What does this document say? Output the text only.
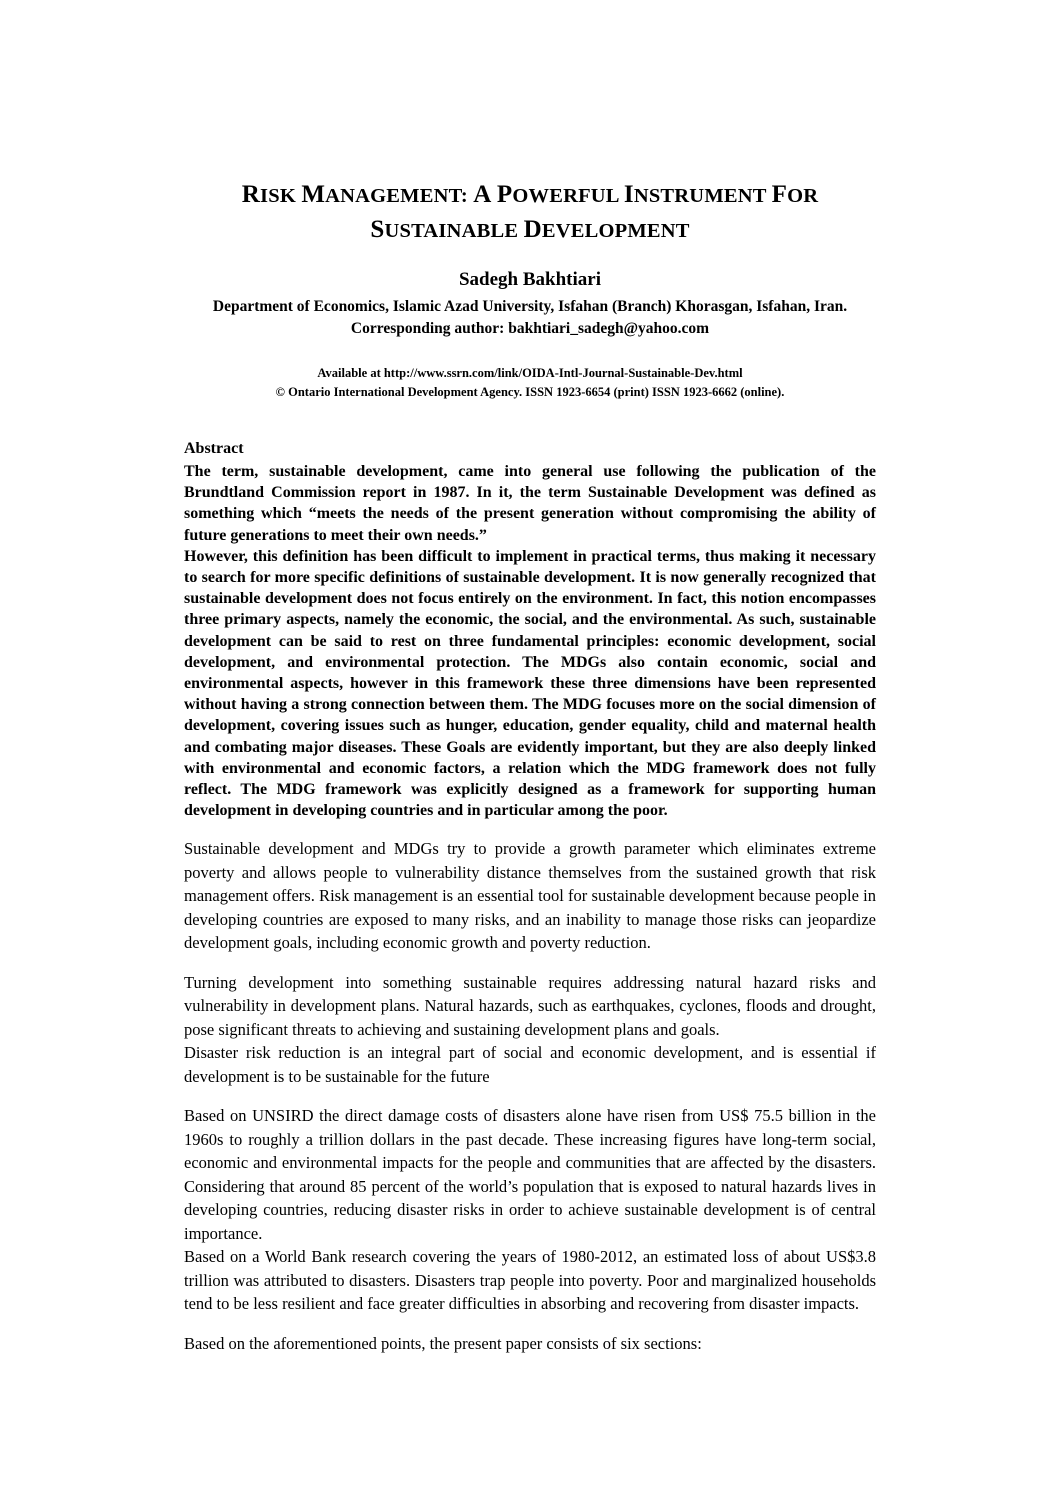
RISK MANAGEMENT: A POWERFUL INSTRUMENT FOR
SUSTAINABLE DEVELOPMENT

Sadegh Bakhtiari

Department of Economics, Islamic Azad University, Isfahan (Branch) Khorasgan, Isfahan, Iran.

Corresponding author: bakhtiari_sadegh@yahoo.com

Available at http://www.ssrn.com/link/OIDA-Intl-Journal-Sustainable-Dev.html

© Ontario International Development Agency. ISSN 1923-6654 (print) ISSN 1923-6662 (online).

Abstract

The term, sustainable development, came into general use following the publication of the Brundtland Commission report in 1987. In it, the term Sustainable Development was defined as something which “meets the needs of the present generation without compromising the ability of future generations to meet their own needs.”

However, this definition has been difficult to implement in practical terms, thus making it necessary to search for more specific definitions of sustainable development. It is now generally recognized that sustainable development does not focus entirely on the environment. In fact, this notion encompasses three primary aspects, namely the economic, the social, and the environmental. As such, sustainable development can be said to rest on three fundamental principles: economic development, social development, and environmental protection. The MDGs also contain economic, social and environmental aspects, however in this framework these three dimensions have been represented without having a strong connection between them. The MDG focuses more on the social dimension of development, covering issues such as hunger, education, gender equality, child and maternal health and combating major diseases. These Goals are evidently important, but they are also deeply linked with environmental and economic factors, a relation which the MDG framework does not fully reflect. The MDG framework was explicitly designed as a framework for supporting human development in developing countries and in particular among the poor.

Sustainable development and MDGs try to provide a growth parameter which eliminates extreme poverty and allows people to vulnerability distance themselves from the sustained growth that risk management offers. Risk management is an essential tool for sustainable development because people in developing countries are exposed to many risks, and an inability to manage those risks can jeopardize development goals, including economic growth and poverty reduction.

Turning development into something sustainable requires addressing natural hazard risks and vulnerability in development plans. Natural hazards, such as earthquakes, cyclones, floods and drought, pose significant threats to achieving and sustaining development plans and goals.

Disaster risk reduction is an integral part of social and economic development, and is essential if development is to be sustainable for the future

Based on UNSIRD the direct damage costs of disasters alone have risen from US$ 75.5 billion in the 1960s to roughly a trillion dollars in the past decade. These increasing figures have long-term social, economic and environmental impacts for the people and communities that are affected by the disasters. Considering that around 85 percent of the world’s population that is exposed to natural hazards lives in developing countries, reducing disaster risks in order to achieve sustainable development is of central importance.

Based on a World Bank research covering the years of 1980-2012, an estimated loss of about US$3.8 trillion was attributed to disasters. Disasters trap people into poverty. Poor and marginalized households tend to be less resilient and face greater difficulties in absorbing and recovering from disaster impacts.

Based on the aforementioned points, the present paper consists of six sections:
